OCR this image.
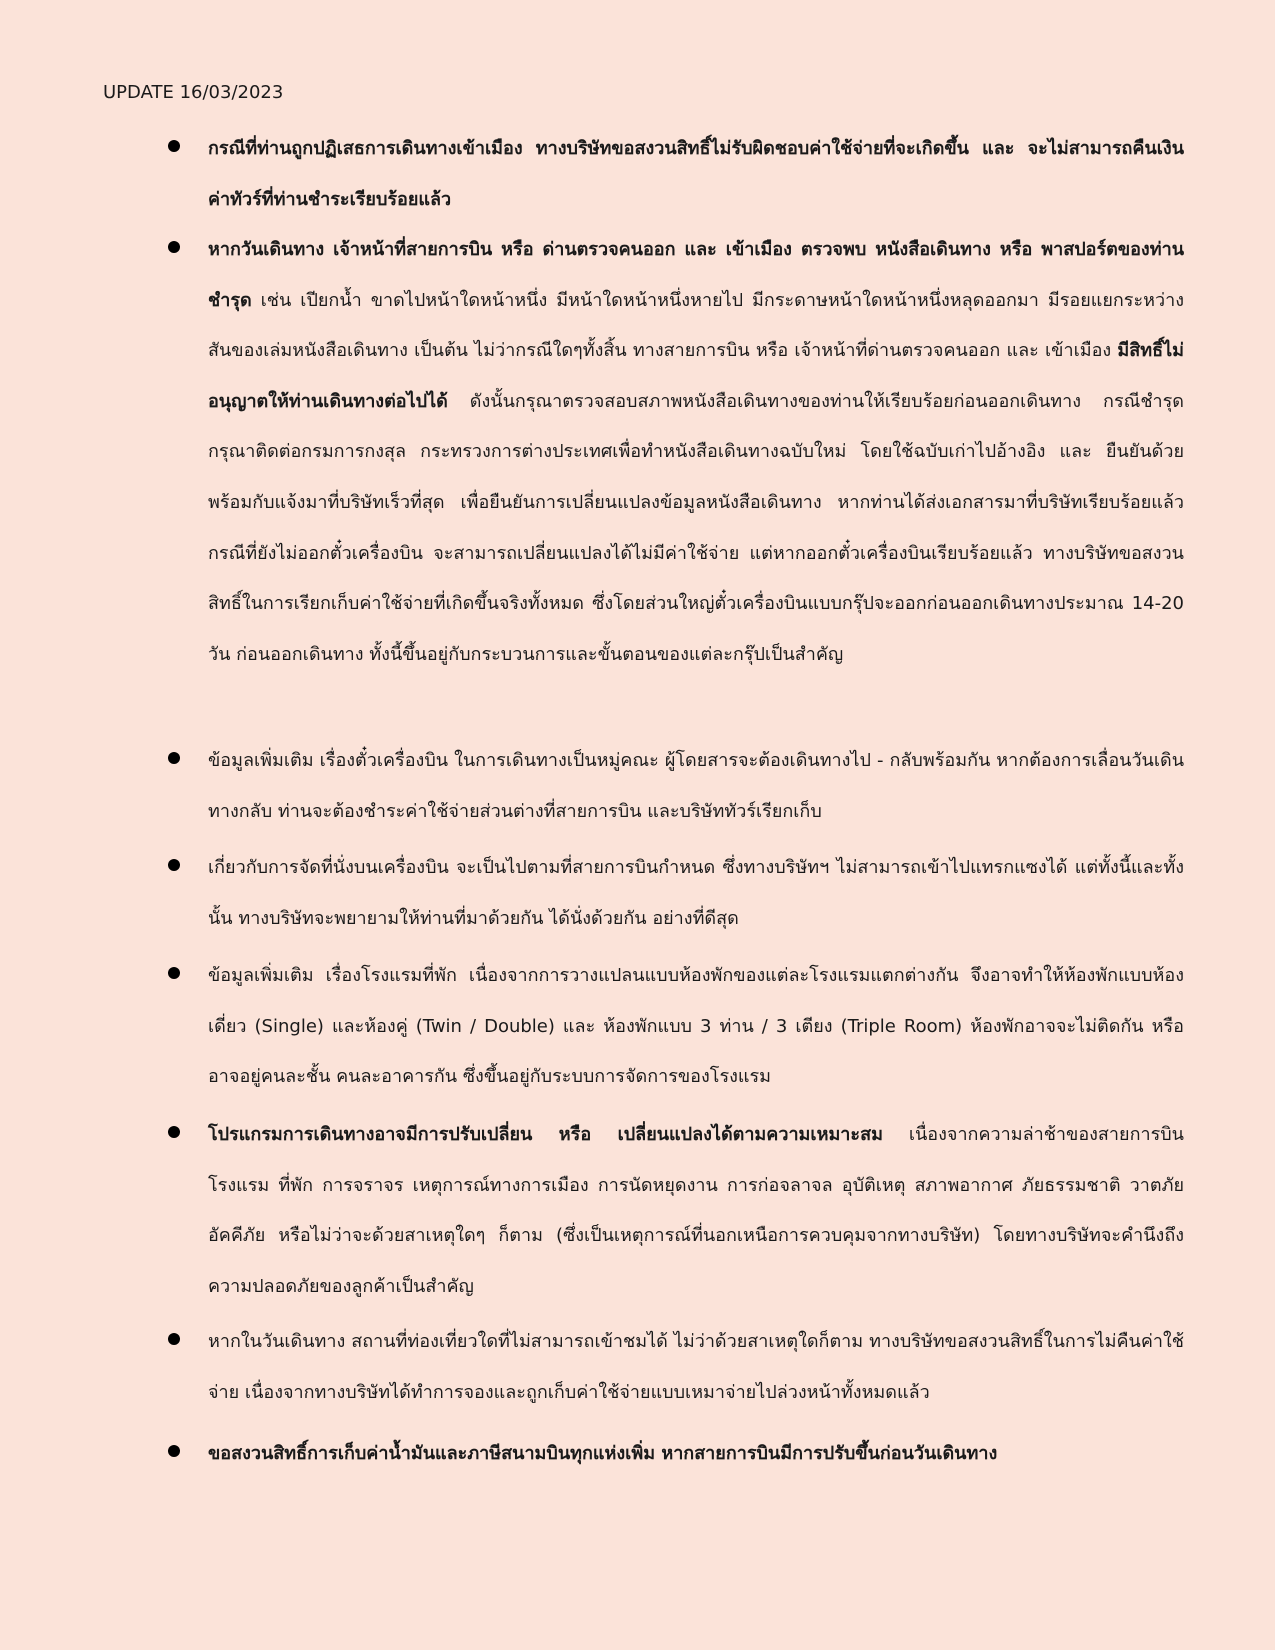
UPDATE 16/03/2023
กรณีที่ท่านถูกปฏิเสธการเดินทางเข้าเมือง ทางบริษัทขอสงวนสิทธิ์ไม่รับผิดชอบค่าใช้จ่ายที่จะเกิดขึ้น และ จะไม่สามารถคืนเงินค่าทัวร์ที่ท่านชำระเรียบร้อยแล้ว
หากวันเดินทาง เจ้าหน้าที่สายการบิน หรือ ด่านตรวจคนออก และ เข้าเมือง ตรวจพบ หนังสือเดินทาง หรือ พาสปอร์ตของท่านชำรุด เช่น เปียกน้ำ ขาดไปหน้าใดหน้าหนึ่ง มีหน้าใดหน้าหนึ่งหายไป มีกระดาษหน้าใดหน้าหนึ่งหลุดออกมา มีรอยแยกระหว่างสันของเล่มหนังสือเดินทาง เป็นต้น ไม่ว่ากรณีใดๆทั้งสิ้น ทางสายการบิน หรือ เจ้าหน้าที่ด่านตรวจคนออก และ เข้าเมือง มีสิทธิ์ไม่อนุญาตให้ท่านเดินทางต่อไปได้ ดังนั้นกรุณาตรวจสอบสภาพหนังสือเดินทางของท่านให้เรียบร้อยก่อนออกเดินทาง กรณีชำรุด กรุณาติดต่อกรมการกงสุล กระทรวงการต่างประเทศเพื่อทำหนังสือเดินทางฉบับใหม่ โดยใช้ฉบับเก่าไปอ้างอิง และ ยืนยันด้วย พร้อมกับแจ้งมาที่บริษัทเร็วที่สุด เพื่อยืนยันการเปลี่ยนแปลงข้อมูลหนังสือเดินทาง หากท่านได้ส่งเอกสารมาที่บริษัทเรียบร้อยแล้ว กรณีที่ยังไม่ออกตั๋วเครื่องบิน จะสามารถเปลี่ยนแปลงได้ไม่มีค่าใช้จ่าย แต่หากออกตั๋วเครื่องบินเรียบร้อยแล้ว ทางบริษัทขอสงวนสิทธิ์ในการเรียกเก็บค่าใช้จ่ายที่เกิดขึ้นจริงทั้งหมด ซึ่งโดยส่วนใหญ่ตั๋วเครื่องบินแบบกรุ๊ปจะออกก่อนออกเดินทางประมาณ 14-20 วัน ก่อนออกเดินทาง ทั้งนี้ขึ้นอยู่กับกระบวนการและขั้นตอนของแต่ละกรุ๊ปเป็นสำคัญ
ข้อมูลเพิ่มเติม เรื่องตั๋วเครื่องบิน ในการเดินทางเป็นหมู่คณะ ผู้โดยสารจะต้องเดินทางไป - กลับพร้อมกัน หากต้องการเลื่อนวันเดินทางกลับ ท่านจะต้องชำระค่าใช้จ่ายส่วนต่างที่สายการบิน และบริษัททัวร์เรียกเก็บ
เกี่ยวกับการจัดที่นั่งบนเครื่องบิน จะเป็นไปตามที่สายการบินกำหนด ซึ่งทางบริษัทฯ ไม่สามารถเข้าไปแทรกแซงได้ แต่ทั้งนี้และทั้งนั้น ทางบริษัทจะพยายามให้ท่านที่มาด้วยกัน ได้นั่งด้วยกัน อย่างที่ดีสุด
ข้อมูลเพิ่มเติม เรื่องโรงแรมที่พัก เนื่องจากการวางแปลนแบบห้องพักของแต่ละโรงแรมแตกต่างกัน จึงอาจทำให้ห้องพักแบบห้องเดี่ยว (Single) และห้องคู่ (Twin / Double) และ ห้องพักแบบ 3 ท่าน / 3 เตียง (Triple Room) ห้องพักอาจจะไม่ติดกัน หรือ อาจอยู่คนละชั้น คนละอาคารกัน ซึ่งขึ้นอยู่กับระบบการจัดการของโรงแรม
โปรแกรมการเดินทางอาจมีการปรับเปลี่ยน หรือ เปลี่ยนแปลงได้ตามความเหมาะสม เนื่องจากความล่าช้าของสายการบิน โรงแรม ที่พัก การจราจร เหตุการณ์ทางการเมือง การนัดหยุดงาน การก่อจลาจล อุบัติเหตุ สภาพอากาศ ภัยธรรมชาติ วาตภัย อัคคีภัย หรือไม่ว่าจะด้วยสาเหตุใดๆ ก็ตาม (ซึ่งเป็นเหตุการณ์ที่นอกเหนือการควบคุมจากทางบริษัท) โดยทางบริษัทจะคำนึงถึงความปลอดภัยของลูกค้าเป็นสำคัญ
หากในวันเดินทาง สถานที่ท่องเที่ยวใดที่ไม่สามารถเข้าชมได้ ไม่ว่าด้วยสาเหตุใดก็ตาม ทางบริษัทขอสงวนสิทธิ์ในการไม่คืนค่าใช้จ่าย เนื่องจากทางบริษัทได้ทำการจองและถูกเก็บค่าใช้จ่ายแบบเหมาจ่ายไปล่วงหน้าทั้งหมดแล้ว
ขอสงวนสิทธิ์การเก็บค่าน้ำมันและภาษีสนามบินทุกแห่งเพิ่ม หากสายการบินมีการปรับขึ้นก่อนวันเดินทาง
